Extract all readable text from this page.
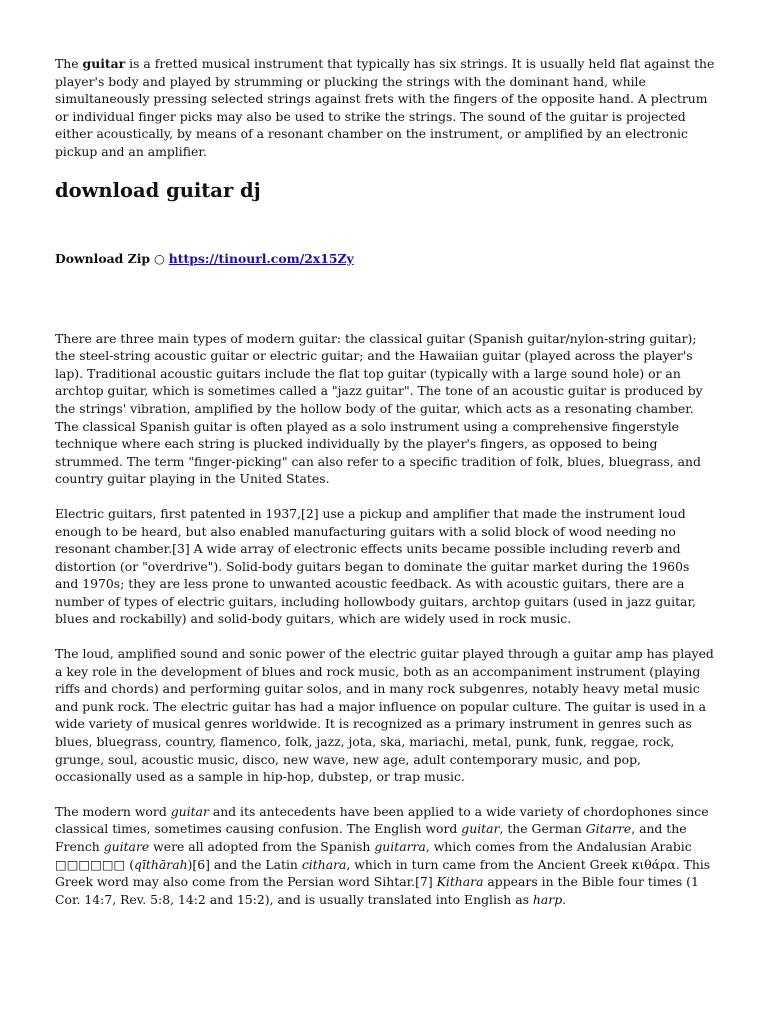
The guitar is a fretted musical instrument that typically has six strings. It is usually held flat against the player's body and played by strumming or plucking the strings with the dominant hand, while simultaneously pressing selected strings against frets with the fingers of the opposite hand. A plectrum or individual finger picks may also be used to strike the strings. The sound of the guitar is projected either acoustically, by means of a resonant chamber on the instrument, or amplified by an electronic pickup and an amplifier.

download guitar dj
Download Zip ○ https://tinourl.com/2x15Zy

There are three main types of modern guitar: the classical guitar (Spanish guitar/nylon-string guitar); the steel-string acoustic guitar or electric guitar; and the Hawaiian guitar (played across the player's lap). Traditional acoustic guitars include the flat top guitar (typically with a large sound hole) or an archtop guitar, which is sometimes called a "jazz guitar". The tone of an acoustic guitar is produced by the strings' vibration, amplified by the hollow body of the guitar, which acts as a resonating chamber. The classical Spanish guitar is often played as a solo instrument using a comprehensive fingerstyle technique where each string is plucked individually by the player's fingers, as opposed to being strummed. The term "finger-picking" can also refer to a specific tradition of folk, blues, bluegrass, and country guitar playing in the United States.

Electric guitars, first patented in 1937,[2] use a pickup and amplifier that made the instrument loud enough to be heard, but also enabled manufacturing guitars with a solid block of wood needing no resonant chamber.[3] A wide array of electronic effects units became possible including reverb and distortion (or "overdrive"). Solid-body guitars began to dominate the guitar market during the 1960s and 1970s; they are less prone to unwanted acoustic feedback. As with acoustic guitars, there are a number of types of electric guitars, including hollowbody guitars, archtop guitars (used in jazz guitar, blues and rockabilly) and solid-body guitars, which are widely used in rock music.

The loud, amplified sound and sonic power of the electric guitar played through a guitar amp has played a key role in the development of blues and rock music, both as an accompaniment instrument (playing riffs and chords) and performing guitar solos, and in many rock subgenres, notably heavy metal music and punk rock. The electric guitar has had a major influence on popular culture. The guitar is used in a wide variety of musical genres worldwide. It is recognized as a primary instrument in genres such as blues, bluegrass, country, flamenco, folk, jazz, jota, ska, mariachi, metal, punk, funk, reggae, rock, grunge, soul, acoustic music, disco, new wave, new age, adult contemporary music, and pop, occasionally used as a sample in hip-hop, dubstep, or trap music.

The modern word guitar and its antecedents have been applied to a wide variety of chordophones since classical times, sometimes causing confusion. The English word guitar, the German Gitarre, and the French guitare were all adopted from the Spanish guitarra, which comes from the Andalusian Arabic □□□□□□ (qīthārah)[6] and the Latin cithara, which in turn came from the Ancient Greek κιθάρα. This Greek word may also come from the Persian word Sihtar.[7] Kithara appears in the Bible four times (1 Cor. 14:7, Rev. 5:8, 14:2 and 15:2), and is usually translated into English as harp.
